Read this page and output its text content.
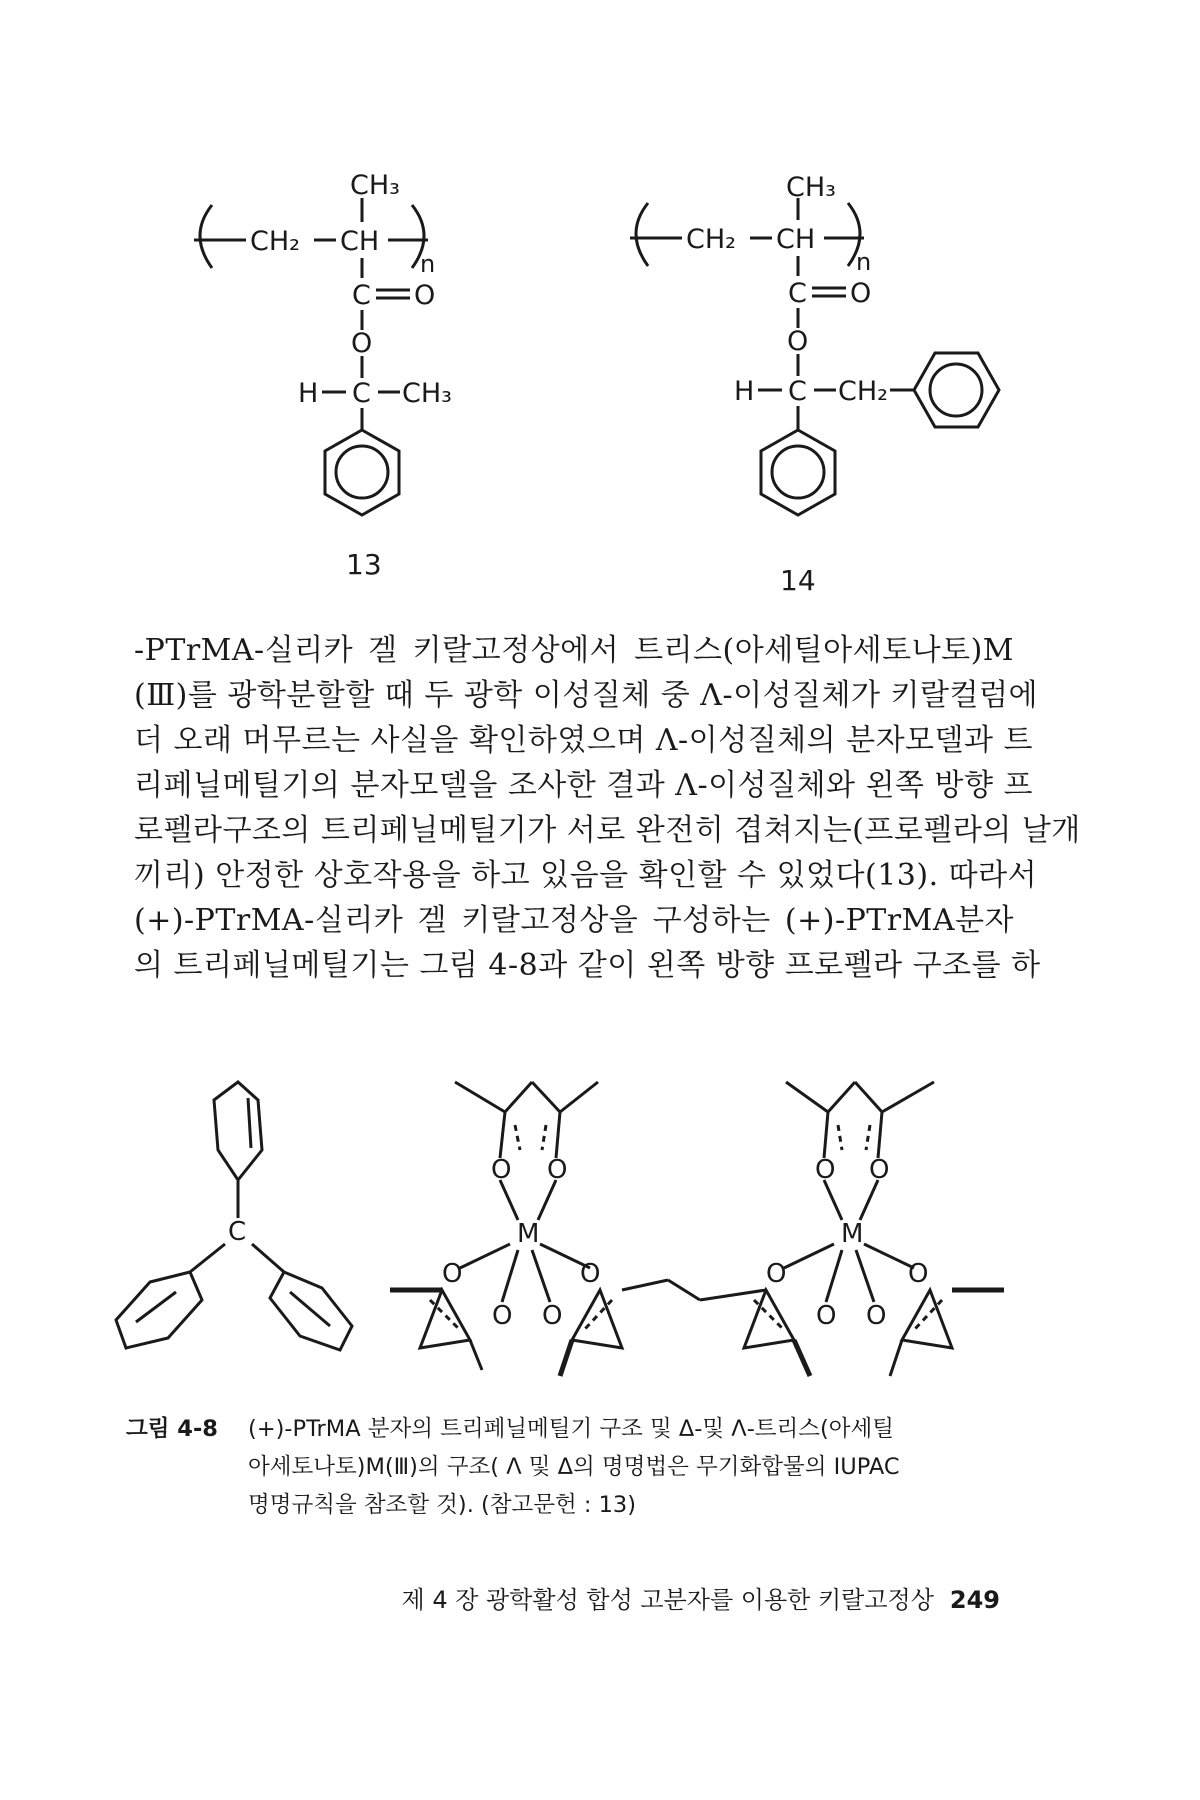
CH₃
CH₂ CH
n
C O
O
H C CH₃
13
CH₃
CH₂ CH
n
C O
O
H C CH₂
14
-PTrMA-실리카 겔 키랄고정상에서 트리스(아세틸아세토나토)M
(Ⅲ)를 광학분할할 때 두 광학 이성질체 중 Λ-이성질체가 키랄컬럼에
더 오래 머무르는 사실을 확인하였으며 Λ-이성질체의 분자모델과 트
리페닐메틸기의 분자모델을 조사한 결과 Λ-이성질체와 왼쪽 방향 프
로펠라구조의 트리페닐메틸기가 서로 완전히 겹쳐지는(프로펠라의 날개
끼리) 안정한 상호작용을 하고 있음을 확인할 수 있었다(13). 따라서
(+)-PTrMA-실리카 겔 키랄고정상을 구성하는 (+)-PTrMA분자
의 트리페닐메틸기는 그림 4-8과 같이 왼쪽 방향 프로펠라 구조를 하
C	M
O O
O	O
O O
M
O O
O	O
O O
그림 4-8 (+)-PTrMA 분자의 트리페닐메틸기 구조 및 Δ-및 Λ-트리스(아세틸
아세토나토)M(Ⅲ)의 구조( Λ 및 Δ의 명명법은 무기화합물의 IUPAC
명명규칙을 참조할 것). (참고문헌 : 13)
제 4 장 광학활성 합성 고분자를 이용한 키랄고정상 249
